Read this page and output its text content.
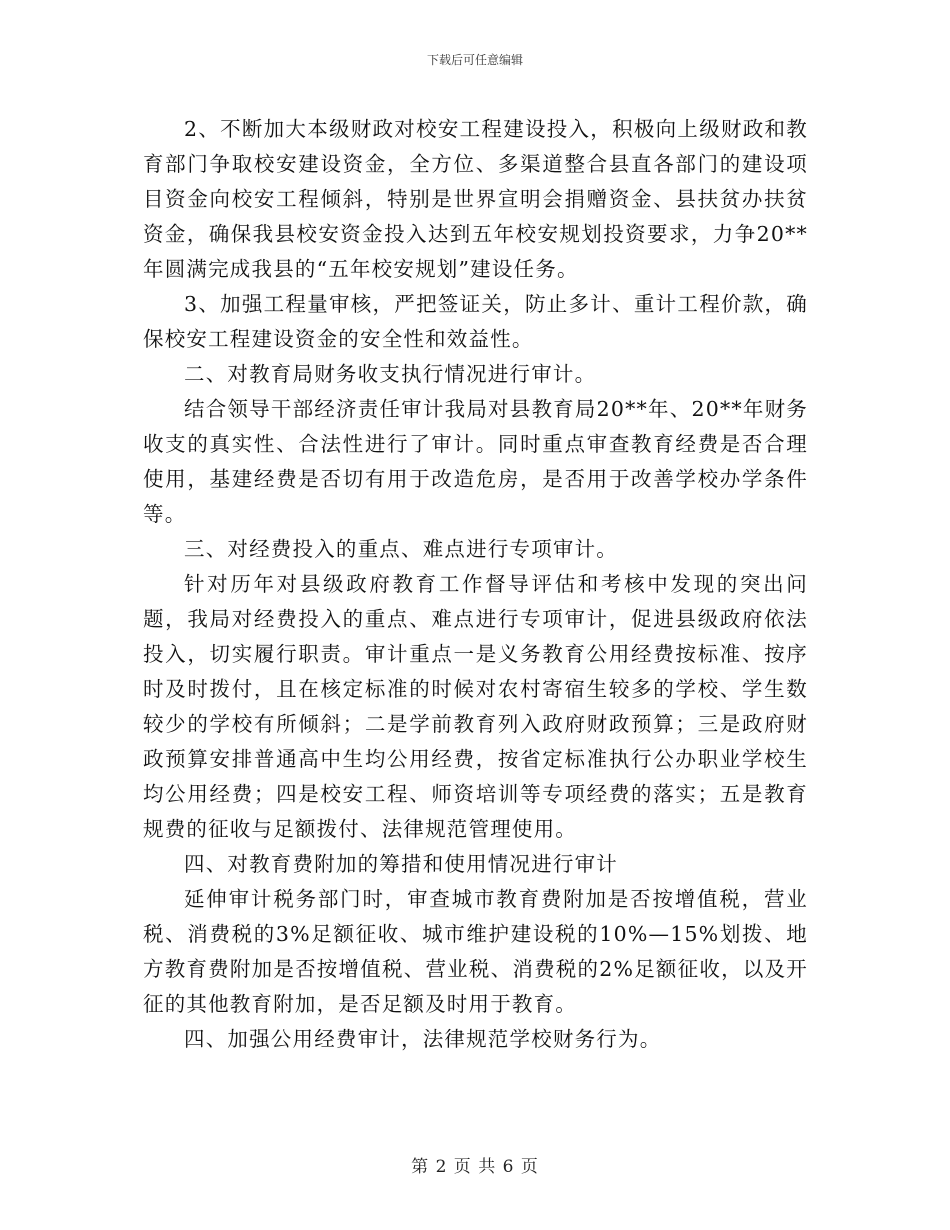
下载后可任意编辑

2、不断加大本级财政对校安工程建设投入，积极向上级财政和教育部门争取校安建设资金，全方位、多渠道整合县直各部门的建设项目资金向校安工程倾斜，特别是世界宣明会捐赠资金、县扶贫办扶贫资金，确保我县校安资金投入达到五年校安规划投资要求，力争20**年圆满完成我县的“五年校安规划”建设任务。

3、加强工程量审核，严把签证关，防止多计、重计工程价款，确保校安工程建设资金的安全性和效益性。

二、对教育局财务收支执行情况进行审计。

结合领导干部经济责任审计我局对县教育局20**年、20**年财务收支的真实性、合法性进行了审计。同时重点审查教育经费是否合理使用，基建经费是否切有用于改造危房，是否用于改善学校办学条件等。

三、对经费投入的重点、难点进行专项审计。

针对历年对县级政府教育工作督导评估和考核中发现的突出问题，我局对经费投入的重点、难点进行专项审计，促进县级政府依法投入，切实履行职责。审计重点一是义务教育公用经费按标准、按序时及时拨付，且在核定标准的时候对农村寄宿生较多的学校、学生数较少的学校有所倾斜；二是学前教育列入政府财政预算；三是政府财政预算安排普通高中生均公用经费，按省定标准执行公办职业学校生均公用经费；四是校安工程、师资培训等专项经费的落实；五是教育规费的征收与足额拨付、法律规范管理使用。

四、对教育费附加的筹措和使用情况进行审计

延伸审计税务部门时，审查城市教育费附加是否按增值税，营业税、消费税的3%足额征收、城市维护建设税的10%—15%划拨、地方教育费附加是否按增值税、营业税、消费税的2%足额征收，以及开征的其他教育附加，是否足额及时用于教育。

四、加强公用经费审计，法律规范学校财务行为。

第 2 页 共 6 页
